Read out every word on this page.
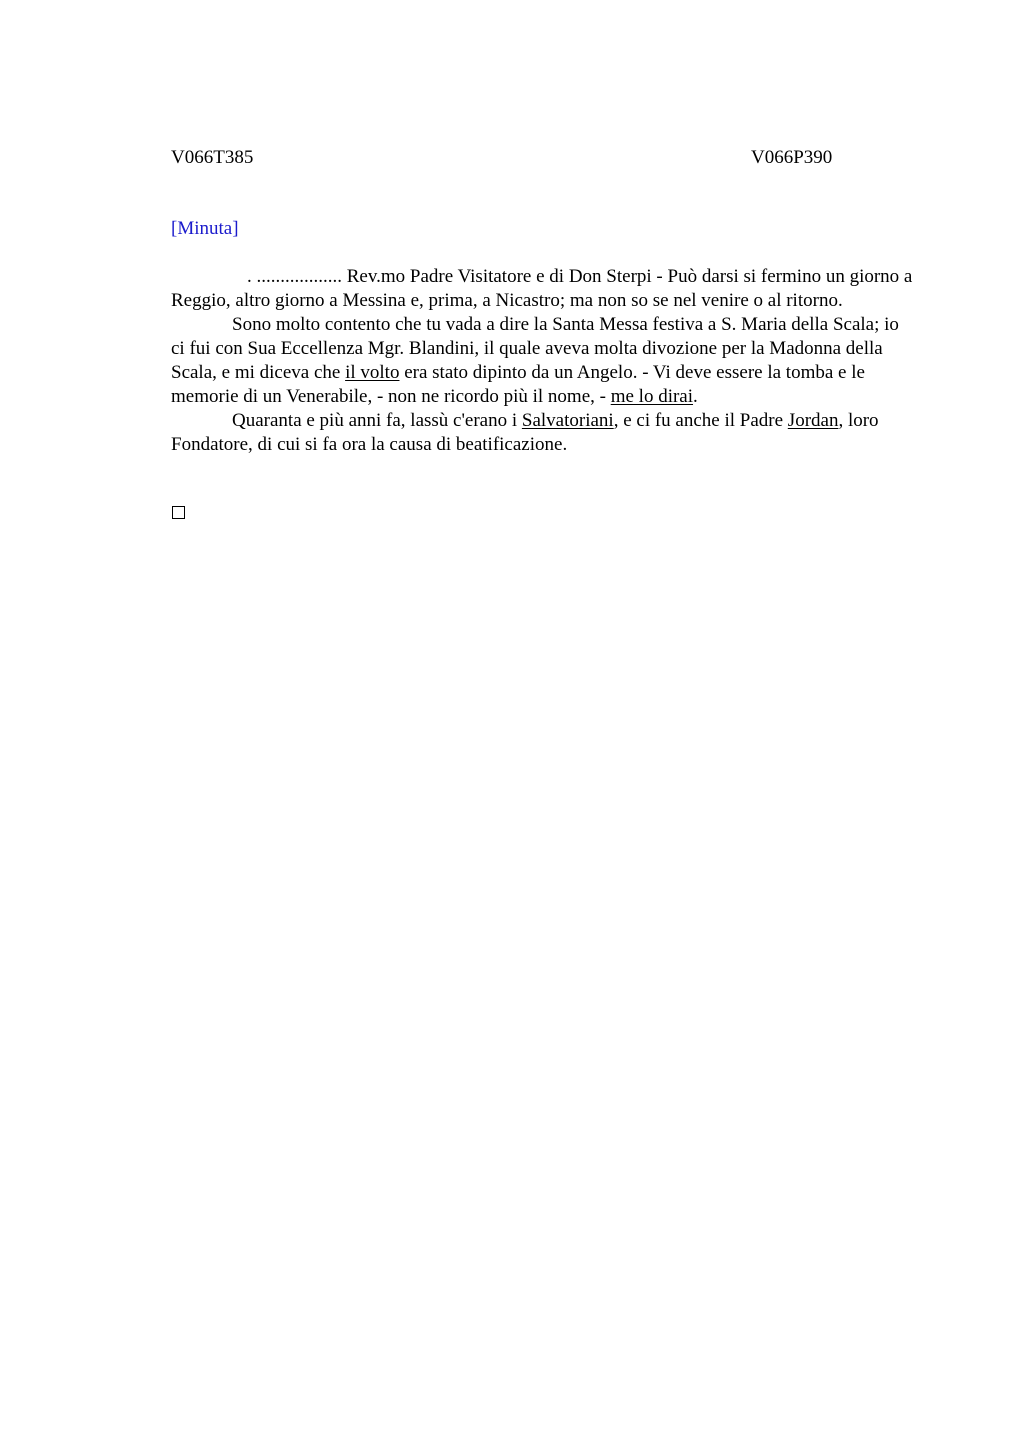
V066T385	V066P390
[Minuta]

. .................. Rev.mo Padre Visitatore e di Don Sterpi - Può darsi si fermino un giorno a Reggio, altro giorno a Messina e, prima, a Nicastro; ma non so se nel venire o al ritorno.

Sono molto contento che tu vada a dire la Santa Messa festiva a S. Maria della Scala; io ci fui con Sua Eccellenza Mgr. Blandini, il quale aveva molta divozione per la Madonna della Scala, e mi diceva che il volto era stato dipinto da un Angelo. - Vi deve essere la tomba e le memorie di un Venerabile, - non ne ricordo più il nome, - me lo dirai.

Quaranta e più anni fa, lassù c'erano i Salvatoriani, e ci fu anche il Padre Jordan, loro Fondatore, di cui si fa ora la causa di beatificazione.
